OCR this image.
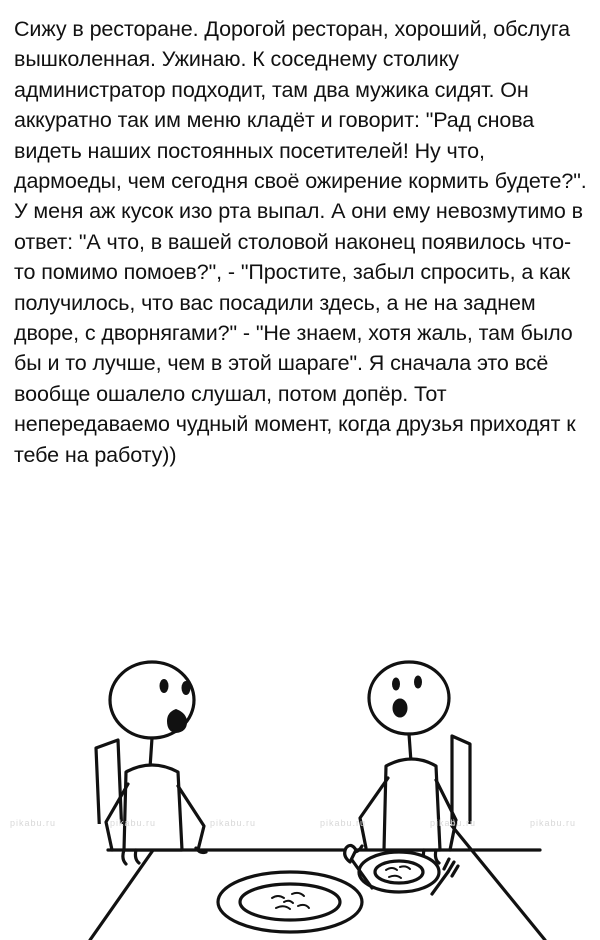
Сижу в ресторане. Дорогой ресторан, хороший, обслуга вышколенная. Ужинаю. К соседнему столику администратор подходит, там два мужика сидят. Он аккуратно так им меню кладёт и говорит: "Рад снова видеть наших постоянных посетителей! Ну что, дармоеды, чем сегодня своё ожирение кормить будете?". У меня аж кусок изо рта выпал. А они ему невозмутимо в ответ: "А что, в вашей столовой наконец появилось что-то помимо помоев?", - "Простите, забыл спросить, а как получилось, что вас посадили здесь, а не на заднем дворе, с дворнягами?" - "Не знаем, хотя жаль, там было бы и то лучше, чем в этой шараге". Я сначала это всё вообще ошалело слушал, потом допёр. Тот непередаваемо чудный момент, когда друзья приходят к тебе на работу))
pikabu.ru	pikabu.ru	pikabu.ru	pikabu.ru	pikabu.ru	pikabu.ru
